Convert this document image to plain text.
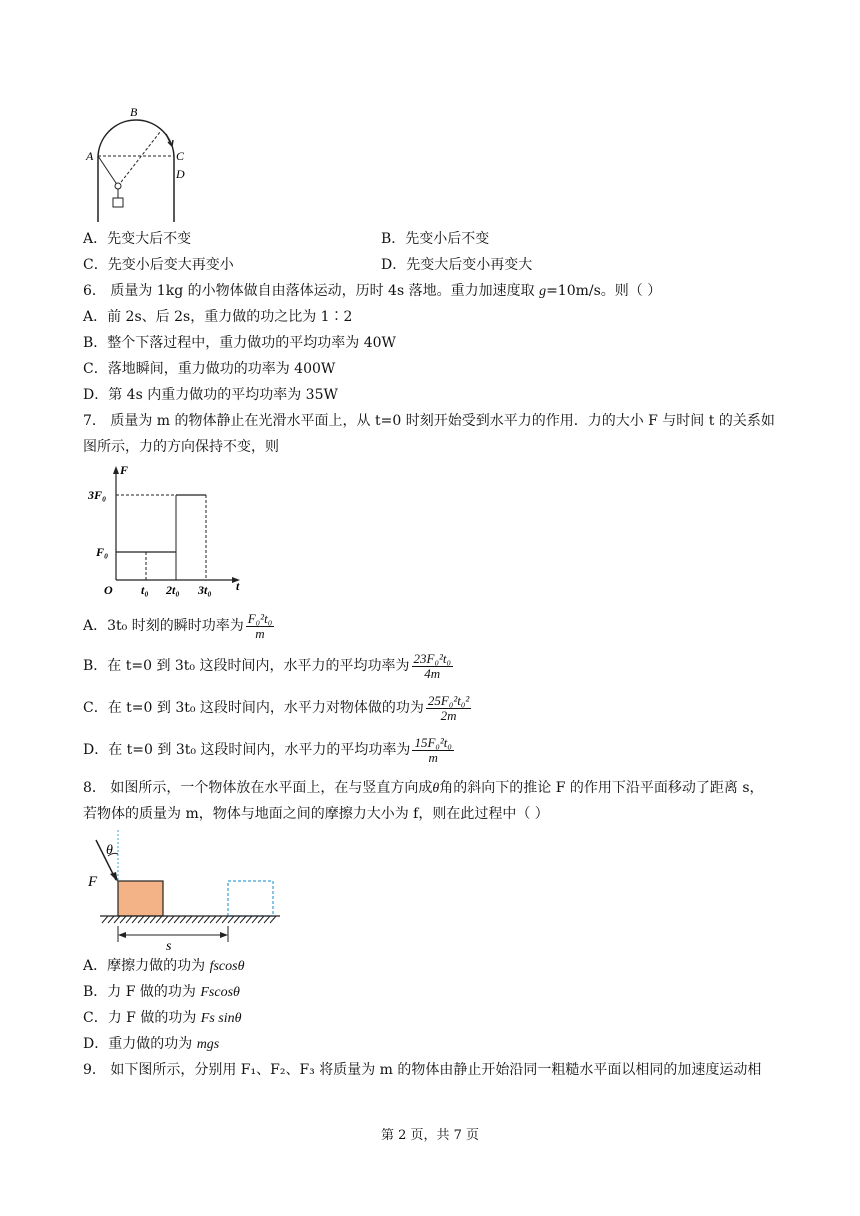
A
B
C
D
A．先变大后不变	B．先变小后不变
C．先变小后变大再变小	D．先变大后变小再变大
6． 质量为 1kg 的小物体做自由落体运动，历时 4s 落地。重力加速度取 g=10m/s。则（ ）
A．前 2s、后 2s，重力做的功之比为 1∶2
B．整个下落过程中，重力做功的平均功率为 40W
C．落地瞬间，重力做功的功率为 400W
D．第 4s 内重力做功的平均功率为 35W
7． 质量为 m 的物体静止在光滑水平面上，从 t=0 时刻开始受到水平力的作用．力的大小 F 与时间 t 的关系如
图所示，力的方向保持不变，则
F
t
O
3F₀
F₀
t₀ 2t₀ 3t₀
A．3t₀ 时刻的瞬时功率为 $\frac{\text{F₀²t₀}}{m}$
B．在 t=0 到 3t₀ 这段时间内，水平力的平均功率为 $\frac{\text{23F₀²t₀}}{4m}$
C．在 t=0 到 3t₀ 这段时间内，水平力对物体做的功为 $\frac{\text{25F₀²t₀²}}{2m}$
D．在 t=0 到 3t₀ 这段时间内，水平力的平均功率为 $\frac{\text{15F₀²t₀}}{m}$
8． 如图所示，一个物体放在水平面上，在与竖直方向成θ角的斜向下的推论 F 的作用下沿平面移动了距离 s，
若物体的质量为 m，物体与地面之间的摩擦力大小为 f，则在此过程中（ ）
θ
F
s
A．摩擦力做的功为 fscosθ
B．力 F 做的功为 Fscosθ
C．力 F 做的功为 Fs sinθ
D．重力做的功为 mgs
9． 如下图所示，分别用 F₁、F₂、F₃ 将质量为 m 的物体由静止开始沿同一粗糙水平面以相同的加速度运动相
第 2 页，共 7 页
